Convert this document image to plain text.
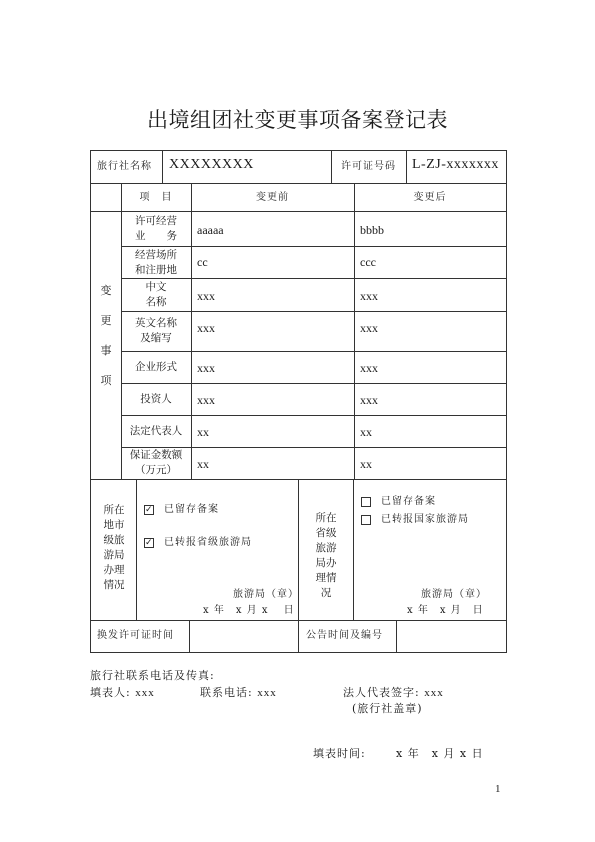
出境组团社变更事项备案登记表
旅行社名称 XXXXXXXX	许可证号码 L-ZJ-xxxxxxx
变
更
事
项
项　目	变更前	变更后
许可经营
业　　务	aaaaa	bbbb
经营场所
和注册地
cc	ccc
中文
名称	xxx	xxx
英文名称
及缩写
xxx	xxx
企业形式	xxx	xxx
投资人	xxx	xxx
法定代表人	xx	xx
保证金数额
（万元）	xx	xx
所在
地市
级旅
游局
办理
情况
✓ 已留存备案
✓ 已转报省级旅游局
旅游局（章）
x 年　x 月 x 　日
所在
省级
旅游
局办
理情
况
已留存备案
已转报国家旅游局
旅游局（章）
x 年　x 月　日
换发许可证时间	公告时间及编号
旅行社联系电话及传真:
填表人: xxx	联系电话: xxx	法人代表签字: xxx
(旅行社盖章)
填表时间:	x 年　x 月 x 日
1
